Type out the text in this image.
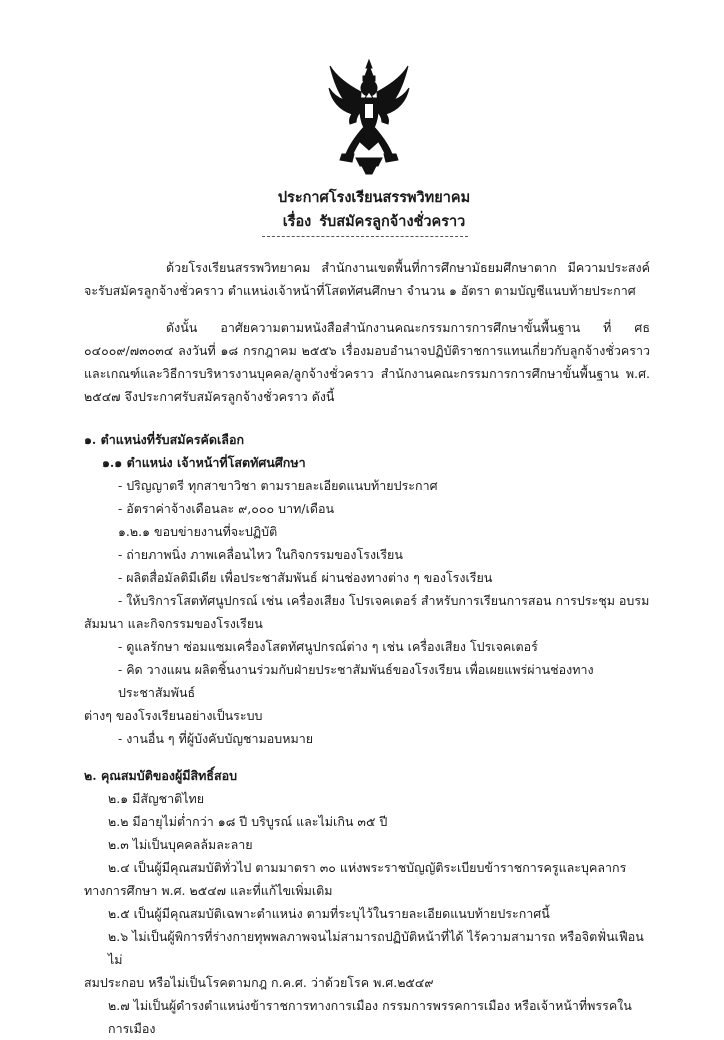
ประกาศโรงเรียนสรรพวิทยาคม
เรื่อง รับสมัครลูกจ้างชั่วคราว

ด้วยโรงเรียนสรรพวิทยาคม สำนักงานเขตพื้นที่การศึกษามัธยมศึกษาตาก มีความประสงค์จะรับสมัครลูกจ้างชั่วคราว ตำแหน่งเจ้าหน้าที่โสตทัศนศึกษา จำนวน ๑ อัตรา ตามบัญชีแนบท้ายประกาศ

ดังนั้น อาศัยความตามหนังสือสำนักงานคณะกรรมการการศึกษาขั้นพื้นฐาน ที่ ศธ ๐๔๐๐๙/๗๓๐๓๔ ลงวันที่ ๑๘ กรกฎาคม ๒๕๕๖ เรื่องมอบอำนาจปฏิบัติราชการแทนเกี่ยวกับลูกจ้างชั่วคราว และเกณฑ์และวิธีการบริหารงานบุคคล/ลูกจ้างชั่วคราว สำนักงานคณะกรรมการการศึกษาขั้นพื้นฐาน พ.ศ. ๒๕๔๗ จึงประกาศรับสมัครลูกจ้างชั่วคราว ดังนี้

๑. ตำแหน่งที่รับสมัครคัดเลือก

๑.๑ ตำแหน่ง เจ้าหน้าที่โสตทัศนศึกษา

- ปริญญาตรี ทุกสาขาวิชา ตามรายละเอียดแนบท้ายประกาศ

- อัตราค่าจ้างเดือนละ ๙,๐๐๐ บาท/เดือน

๑.๒.๑ ขอบข่ายงานที่จะปฏิบัติ

- ถ่ายภาพนิ่ง ภาพเคลื่อนไหว ในกิจกรรมของโรงเรียน

- ผลิตสื่อมัลติมีเดีย เพื่อประชาสัมพันธ์ ผ่านช่องทางต่าง ๆ ของโรงเรียน

- ให้บริการโสตทัศนูปกรณ์ เช่น เครื่องเสียง โปรเจคเตอร์ สำหรับการเรียนการสอน การประชุม อบรม

สัมมนา และกิจกรรมของโรงเรียน

- ดูแลรักษา ซ่อมแซมเครื่องโสตทัศนูปกรณ์ต่าง ๆ เช่น เครื่องเสียง โปรเจคเตอร์

- คิด วางแผน ผลิตชิ้นงานร่วมกับฝ่ายประชาสัมพันธ์ของโรงเรียน เพื่อเผยแพร่ผ่านช่องทางประชาสัมพันธ์

ต่างๆ ของโรงเรียนอย่างเป็นระบบ

- งานอื่น ๆ ที่ผู้บังคับบัญชามอบหมาย

๒. คุณสมบัติของผู้มีสิทธิ์สอบ

๒.๑ มีสัญชาติไทย

๒.๒ มีอายุไม่ต่ำกว่า ๑๘ ปี บริบูรณ์ และไม่เกิน ๓๕ ปี

๒.๓ ไม่เป็นบุคคลล้มละลาย

๒.๔ เป็นผู้มีคุณสมบัติทั่วไป ตามมาตรา ๓๐ แห่งพระราชบัญญัติระเบียบข้าราชการครูและบุคลากร

ทางการศึกษา พ.ศ. ๒๕๔๗ และที่แก้ไขเพิ่มเติม

๒.๕ เป็นผู้มีคุณสมบัติเฉพาะตำแหน่ง ตามที่ระบุไว้ในรายละเอียดแนบท้ายประกาศนี้

๒.๖ ไม่เป็นผู้พิการที่ร่างกายทุพพลภาพจนไม่สามารถปฏิบัติหน้าที่ได้ ไร้ความสามารถ หรือจิตฟั่นเฟือน ไม่

สมประกอบ หรือไม่เป็นโรคตามกฎ ก.ค.ศ. ว่าด้วยโรค พ.ศ.๒๕๔๙

๒.๗ ไม่เป็นผู้ดำรงตำแหน่งข้าราชการทางการเมือง กรรมการพรรคการเมือง หรือเจ้าหน้าที่พรรคในการเมือง
